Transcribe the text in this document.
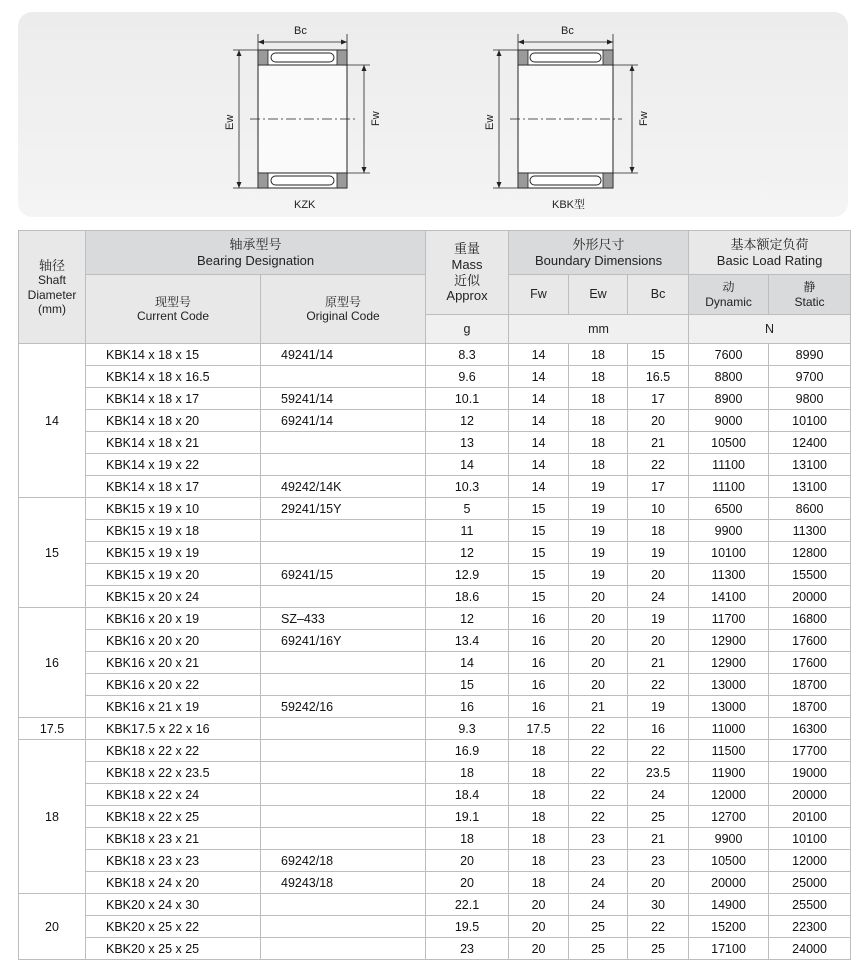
Bc
Ew	Fw
KZK
Bc
Ew	Fw
KBK型
轴径
Shaft
Diameter
(mm)	轴承型号
Bearing Designation		重量
Mass
近似
Approx	外形尺寸
Boundary Dimensions			基本额定负荷
Basic Load Rating	

	现型号
Current Code	原型号
Original Code		Fw	Ew	Bc	动
Dynamic	静
Static

			g	mm			N	
14	KBK14 x 18 x 15	49241/14	8.3	14	18	15	7600	8990
	KBK14 x 18 x 16.5		9.6	14	18	16.5	8800	9700
	KBK14 x 18 x 17	59241/14	10.1	14	18	17	8900	9800
	KBK14 x 18 x 20	69241/14	12	14	18	20	9000	10100
	KBK14 x 18 x 21		13	14	18	21	10500	12400
	KBK14 x 19 x 22		14	14	18	22	11100	13100
	KBK14 x 18 x 17	49242/14K	10.3	14	19	17	11100	13100
15	KBK15 x 19 x 10	29241/15Y	5	15	19	10	6500	8600
	KBK15 x 19 x 18		11	15	19	18	9900	11300
	KBK15 x 19 x 19		12	15	19	19	10100	12800
	KBK15 x 19 x 20	69241/15	12.9	15	19	20	11300	15500
	KBK15 x 20 x 24		18.6	15	20	24	14100	20000
16	KBK16 x 20 x 19	SZ–433	12	16	20	19	11700	16800
	KBK16 x 20 x 20	69241/16Y	13.4	16	20	20	12900	17600
	KBK16 x 20 x 21		14	16	20	21	12900	17600
	KBK16 x 20 x 22		15	16	20	22	13000	18700
	KBK16 x 21 x 19	59242/16	16	16	21	19	13000	18700
17.5	KBK17.5 x 22 x 16		9.3	17.5	22	16	11000	16300
18	KBK18 x 22 x 22		16.9	18	22	22	11500	17700
	KBK18 x 22 x 23.5		18	18	22	23.5	11900	19000
	KBK18 x 22 x 24		18.4	18	22	24	12000	20000
	KBK18 x 22 x 25		19.1	18	22	25	12700	20100
	KBK18 x 23 x 21		18	18	23	21	9900	10100
	KBK18 x 23 x 23	69242/18	20	18	23	23	10500	12000
	KBK18 x 24 x 20	49243/18	20	18	24	20	20000	25000
20	KBK20 x 24 x 30		22.1	20	24	30	14900	25500
	KBK20 x 25 x 22		19.5	20	25	22	15200	22300
	KBK20 x 25 x 25		23	20	25	25	17100	24000
